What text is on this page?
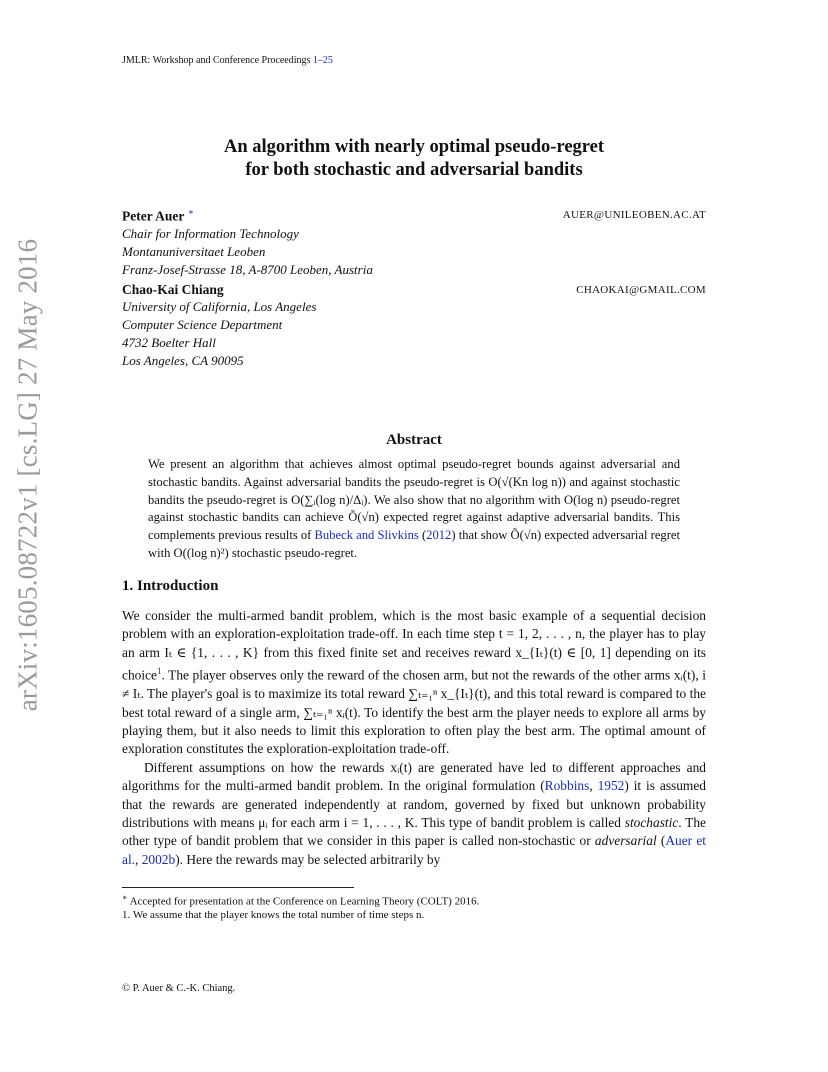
JMLR: Workshop and Conference Proceedings 1–25
arXiv:1605.08722v1 [cs.LG] 27 May 2016
An algorithm with nearly optimal pseudo-regret
for both stochastic and adversarial bandits
Peter Auer ∗	AUER@UNILEOBEN.AC.AT
Chair for Information Technology
Montanuniversitaet Leoben
Franz-Josef-Strasse 18, A-8700 Leoben, Austria
Chao-Kai Chiang	CHAOKAI@GMAIL.COM
University of California, Los Angeles
Computer Science Department
4732 Boelter Hall
Los Angeles, CA 90095
Abstract
We present an algorithm that achieves almost optimal pseudo-regret bounds against adversarial and stochastic bandits. Against adversarial bandits the pseudo-regret is O(√(Kn log n)) and against stochastic bandits the pseudo-regret is O(∑ᵢ(log n)/Δᵢ). We also show that no algorithm with O(log n) pseudo-regret against stochastic bandits can achieve Õ(√n) expected regret against adaptive adversarial bandits. This complements previous results of Bubeck and Slivkins (2012) that show Õ(√n) expected adversarial regret with O((log n)²) stochastic pseudo-regret.
1. Introduction

We consider the multi-armed bandit problem, which is the most basic example of a sequential decision problem with an exploration-exploitation trade-off. In each time step t = 1, 2, . . . , n, the player has to play an arm Iₜ ∈ {1, . . . , K} from this fixed finite set and receives reward x_{Iₜ}(t) ∈ [0, 1] depending on its choice$^1$. The player observes only the reward of the chosen arm, but not the rewards of the other arms xᵢ(t), i ≠ Iₜ. The player's goal is to maximize its total reward ∑ₜ₌₁ⁿ x_{Iₜ}(t), and this total reward is compared to the best total reward of a single arm, ∑ₜ₌₁ⁿ xᵢ(t). To identify the best arm the player needs to explore all arms by playing them, but it also needs to limit this exploration to often play the best arm. The optimal amount of exploration constitutes the exploration-exploitation trade-off.

Different assumptions on how the rewards xᵢ(t) are generated have led to different approaches and algorithms for the multi-armed bandit problem. In the original formulation (Robbins, 1952) it is assumed that the rewards are generated independently at random, governed by fixed but unknown probability distributions with means μᵢ for each arm i = 1, . . . , K. This type of bandit problem is called stochastic. The other type of bandit problem that we consider in this paper is called non-stochastic or adversarial (Auer et al., 2002b). Here the rewards may be selected arbitrarily by

∗ Accepted for presentation at the Conference on Learning Theory (COLT) 2016.
1. We assume that the player knows the total number of time steps n.
© P. Auer & C.-K. Chiang.
